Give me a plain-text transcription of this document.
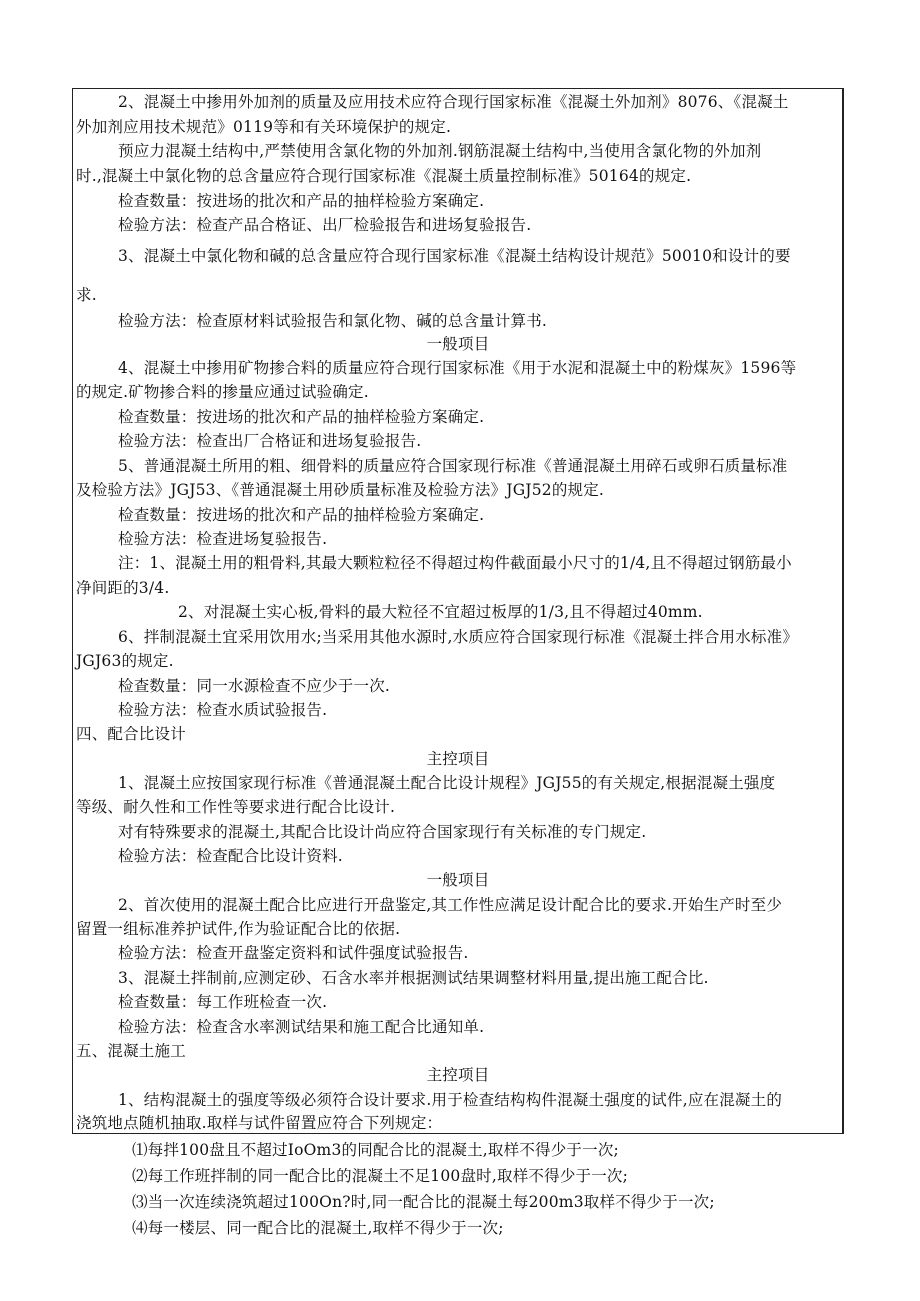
2、混凝土中掺用外加剂的质量及应用技术应符合现行国家标准《混凝土外加剂》8076、《混凝土
外加剂应用技术规范》0119等和有关环境保护的规定.
预应力混凝土结构中,严禁使用含氯化物的外加剂.钢筋混凝土结构中,当使用含氯化物的外加剂
时.,混凝土中氯化物的总含量应符合现行国家标准《混凝土质量控制标准》50164的规定.
检查数量：按进场的批次和产品的抽样检验方案确定.
检验方法：检查产品合格证、出厂检验报告和进场复验报告.
3、混凝土中氯化物和碱的总含量应符合现行国家标准《混凝土结构设计规范》50010和设计的要
求.
检验方法：检查原材料试验报告和氯化物、碱的总含量计算书.
一般项目
4、混凝土中掺用矿物掺合料的质量应符合现行国家标准《用于水泥和混凝土中的粉煤灰》1596等
的规定.矿物掺合料的掺量应通过试验确定.
检查数量：按进场的批次和产品的抽样检验方案确定.
检验方法：检查出厂合格证和进场复验报告.
5、普通混凝土所用的粗、细骨料的质量应符合国家现行标准《普通混凝土用碎石或卵石质量标准
及检验方法》JGJ53、《普通混凝土用砂质量标准及检验方法》JGJ52的规定.
检查数量：按进场的批次和产品的抽样检验方案确定.
检验方法：检查进场复验报告.
注：1、混凝土用的粗骨料,其最大颗粒粒径不得超过构件截面最小尺寸的1/4,且不得超过钢筋最小
净间距的3/4.
2、对混凝土实心板,骨料的最大粒径不宜超过板厚的1/3,且不得超过40mm.
6、拌制混凝土宜采用饮用水;当采用其他水源时,水质应符合国家现行标准《混凝土拌合用水标准》
JGJ63的规定.
检查数量：同一水源检查不应少于一次.
检验方法：检查水质试验报告.
四、配合比设计
主控项目
1、混凝土应按国家现行标准《普通混凝土配合比设计规程》JGJ55的有关规定,根据混凝土强度
等级、耐久性和工作性等要求进行配合比设计.
对有特殊要求的混凝土,其配合比设计尚应符合国家现行有关标准的专门规定.
检验方法：检查配合比设计资料.
一般项目
2、首次使用的混凝土配合比应进行开盘鉴定,其工作性应满足设计配合比的要求.开始生产时至少
留置一组标准养护试件,作为验证配合比的依据.
检验方法：检查开盘鉴定资料和试件强度试验报告.
3、混凝土拌制前,应测定砂、石含水率并根据测试结果调整材料用量,提出施工配合比.
检查数量：每工作班检查一次.
检验方法：检查含水率测试结果和施工配合比通知单.
五、混凝土施工
主控项目
1、结构混凝土的强度等级必须符合设计要求.用于检查结构构件混凝土强度的试件,应在混凝土的
浇筑地点随机抽取.取样与试件留置应符合下列规定：
⑴每拌100盘且不超过IoOm3的同配合比的混凝土,取样不得少于一次;
⑵每工作班拌制的同一配合比的混凝土不足100盘时,取样不得少于一次;
⑶当一次连续浇筑超过100On?时,同一配合比的混凝土每200m3取样不得少于一次;
⑷每一楼层、同一配合比的混凝土,取样不得少于一次;
